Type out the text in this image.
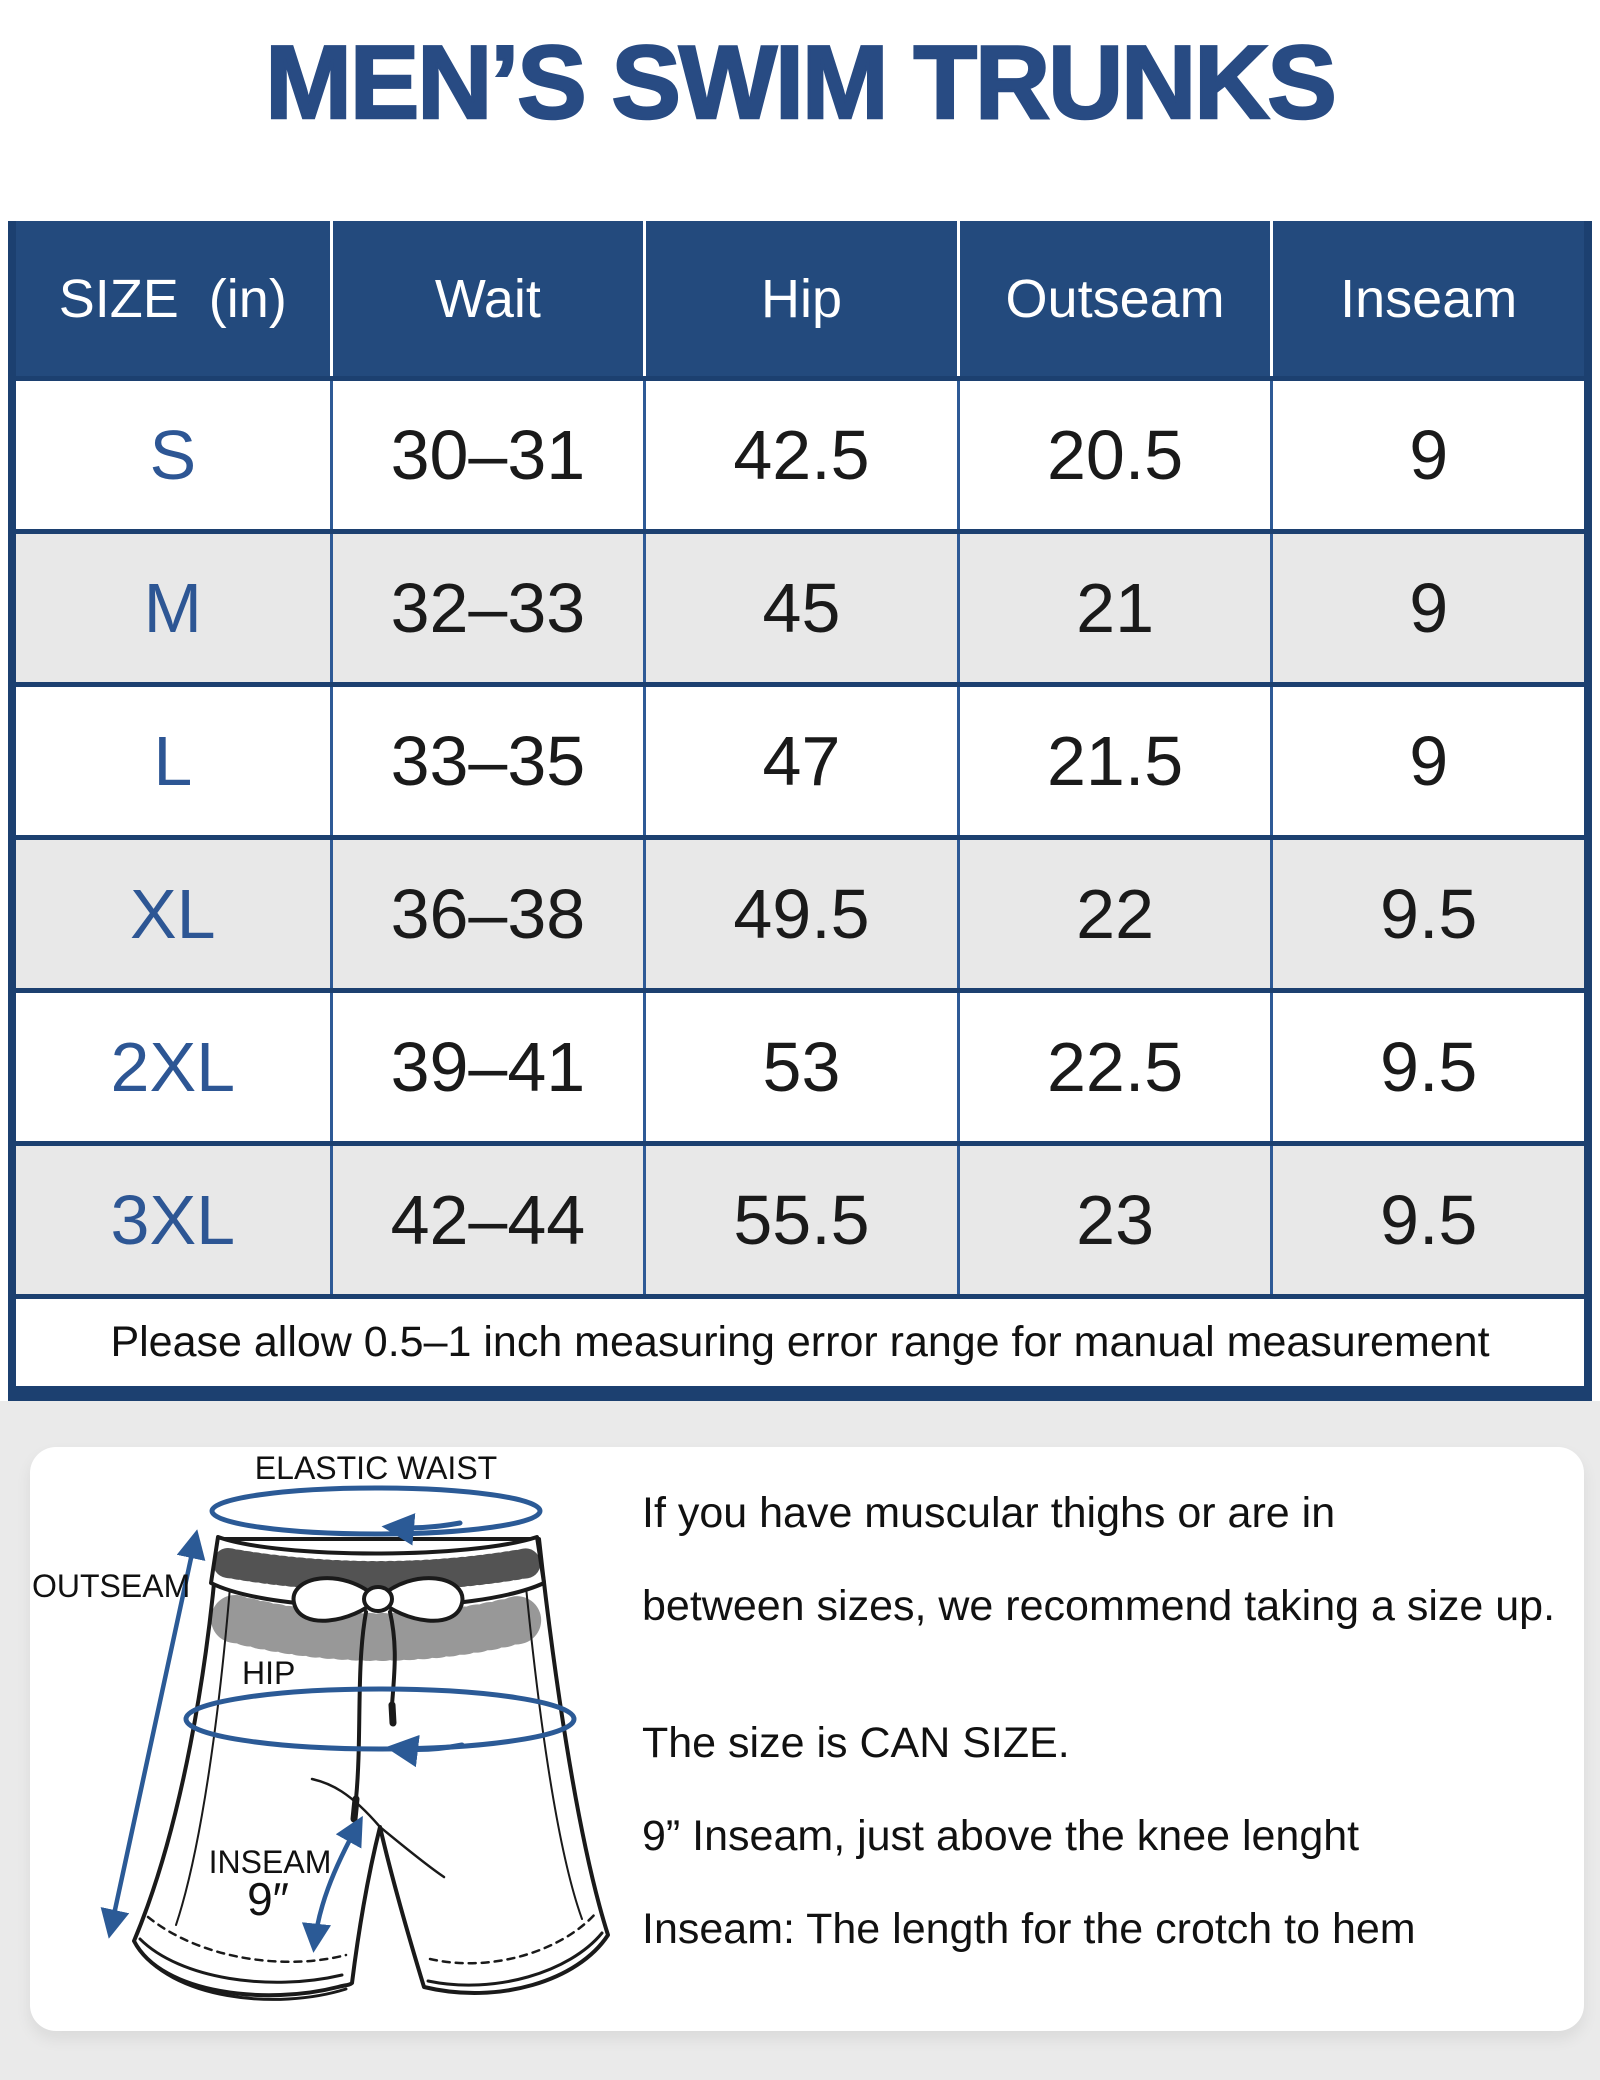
MEN’S SWIM TRUNKS
SIZE  (in)	Wait	Hip	Outseam	Inseam
S	30–31	42.5	20.5	9
M	32–33	45	21	9
L	33–35	47	21.5	9
XL	36–38	49.5	22	9.5
2XL	39–41	53	22.5	9.5
3XL	42–44	55.5	23	9.5
Please allow 0.5–1 inch measuring error range for manual measurement
ELASTIC WAIST
OUTSEAM
HIP
INSEAM
9″
If you have muscular thighs or are in
between sizes, we recommend taking a size up.
The size is CAN SIZE.
9” Inseam, just above the knee lenght
Inseam: The length for the crotch to hem
